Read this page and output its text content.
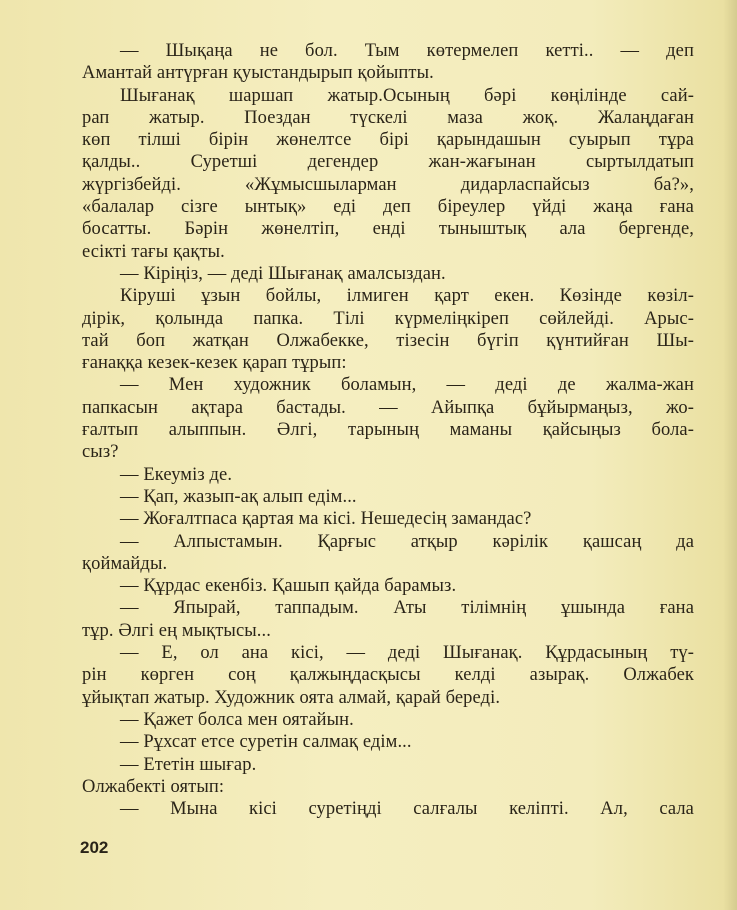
— Шықаңа не бол. Тым көтермелеп кетті.. — деп
Амантай антүрған қуыстандырып қойыпты.
Шығанақ шаршап жатыр.Осының бәрі көңілінде сай-
рап жатыр. Поездан түскелі маза жоқ. Жалаңдаған
көп тілші бірін жөнелтсе бірі қарындашын суырып тұра
қалды.. Суретші дегендер жан-жағынан сыртылдатып
жүргізбейді. «Жұмысшыларман дидарласпайсыз ба?»,
«балалар сізге ынтық» еді деп біреулер үйді жаңа ғана
босатты. Бәрін жөнелтіп, енді тыныштық ала бергенде,
есікті тағы қақты.
— Кіріңіз, — деді Шығанақ амалсыздан.
Кіруші ұзын бойлы, ілмиген қарт екен. Көзінде көзіл-
дірік, қолында папка. Тілі күрмеліңкіреп сөйлейді. Арыс-
тай боп жатқан Олжабекке, тізесін бүгіп қүнтийған Шы-
ғанаққа кезек-кезек қарап тұрып:
— Мен художник боламын, — деді де жалма-жан
папкасын ақтара бастады. — Айыпқа бұйырмаңыз, жо-
ғалтып алыппын. Әлгі, тарының маманы қайсыңыз бола-
сыз?
— Екеуміз де.
— Қап, жазып-ақ алып едім...
— Жоғалтпаса қартая ма кісі. Нешедесің замандас?
— Алпыстамын. Қарғыс атқыр кәрілік қашсаң да
қоймайды.
— Құрдас екенбіз. Қашып қайда барамыз.
— Япырай, таппадым. Аты тілімнің ұшында ғана
тұр. Әлгі ең мықтысы...
— Е, ол ана кісі, — деді Шығанақ. Құрдасының тү-
рін көрген соң қалжыңдасқысы келді азырақ. Олжабек
ұйықтап жатыр. Художник оята алмай, қарай береді.
— Қажет болса мен оятайын.
— Рұхсат етсе суретін салмақ едім...
— Ететін шығар.
Олжабекті оятып:
— Мына кісі суретіңді салғалы келіпті. Ал, сала
202
